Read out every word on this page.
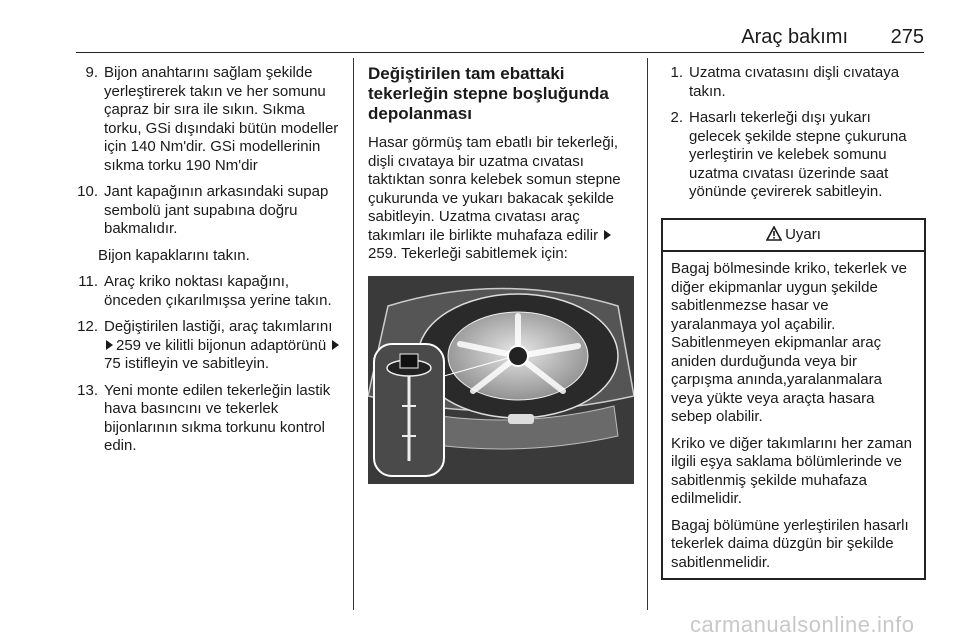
Araç bakımı 275
9. Bijon anahtarını sağlam şekilde yerleştirerek takın ve her somunu çapraz bir sıra ile sıkın. Sıkma torku, GSi dışındaki bütün modeller için 140 Nm'dir. GSi modellerinin sıkma torku 190 Nm'dir
10. Jant kapağının arkasındaki supap sembolü jant supabına doğru bakmalıdır.
Bijon kapaklarını takın.
11. Araç kriko noktası kapağını, önceden çıkarılmışsa yerine takın.
12. Değiştirilen lastiği, araç takımlarını 259 ve kilitli bijonun adaptörünü 75 istifleyin ve sabitleyin.
13. Yeni monte edilen tekerleğin lastik hava basıncını ve tekerlek bijonlarının sıkma torkunu kontrol edin.
Değiştirilen tam ebattaki tekerleğin stepne boşluğunda depolanması
Hasar görmüş tam ebatlı bir tekerleği, dişli cıvataya bir uzatma cıvatası taktıktan sonra kelebek somun stepne çukurunda ve yukarı bakacak şekilde sabitleyin. Uzatma cıvatası araç takımları ile birlikte muhafaza edilir 259. Tekerleği sabitlemek için:
1. Uzatma cıvatasını dişli cıvataya takın.
2. Hasarlı tekerleği dışı yukarı gelecek şekilde stepne çukuruna yerleştirin ve kelebek somunu uzatma cıvatası üzerinde saat yönünde çevirerek sabitleyin.
Uyarı
Bagaj bölmesinde kriko, tekerlek ve diğer ekipmanlar uygun şekilde sabitlenmezse hasar ve yaralanmaya yol açabilir. Sabitlenmeyen ekipmanlar araç aniden durduğunda veya bir çarpışma anında,yaralanmalara veya yükte veya araçta hasara sebep olabilir.
Kriko ve diğer takımlarını her zaman ilgili eşya saklama bölümlerinde ve sabitlenmiş şekilde muhafaza edilmelidir.
Bagaj bölümüne yerleştirilen hasarlı tekerlek daima düzgün bir şekilde sabitlenmelidir.
carmanualsonline.info
